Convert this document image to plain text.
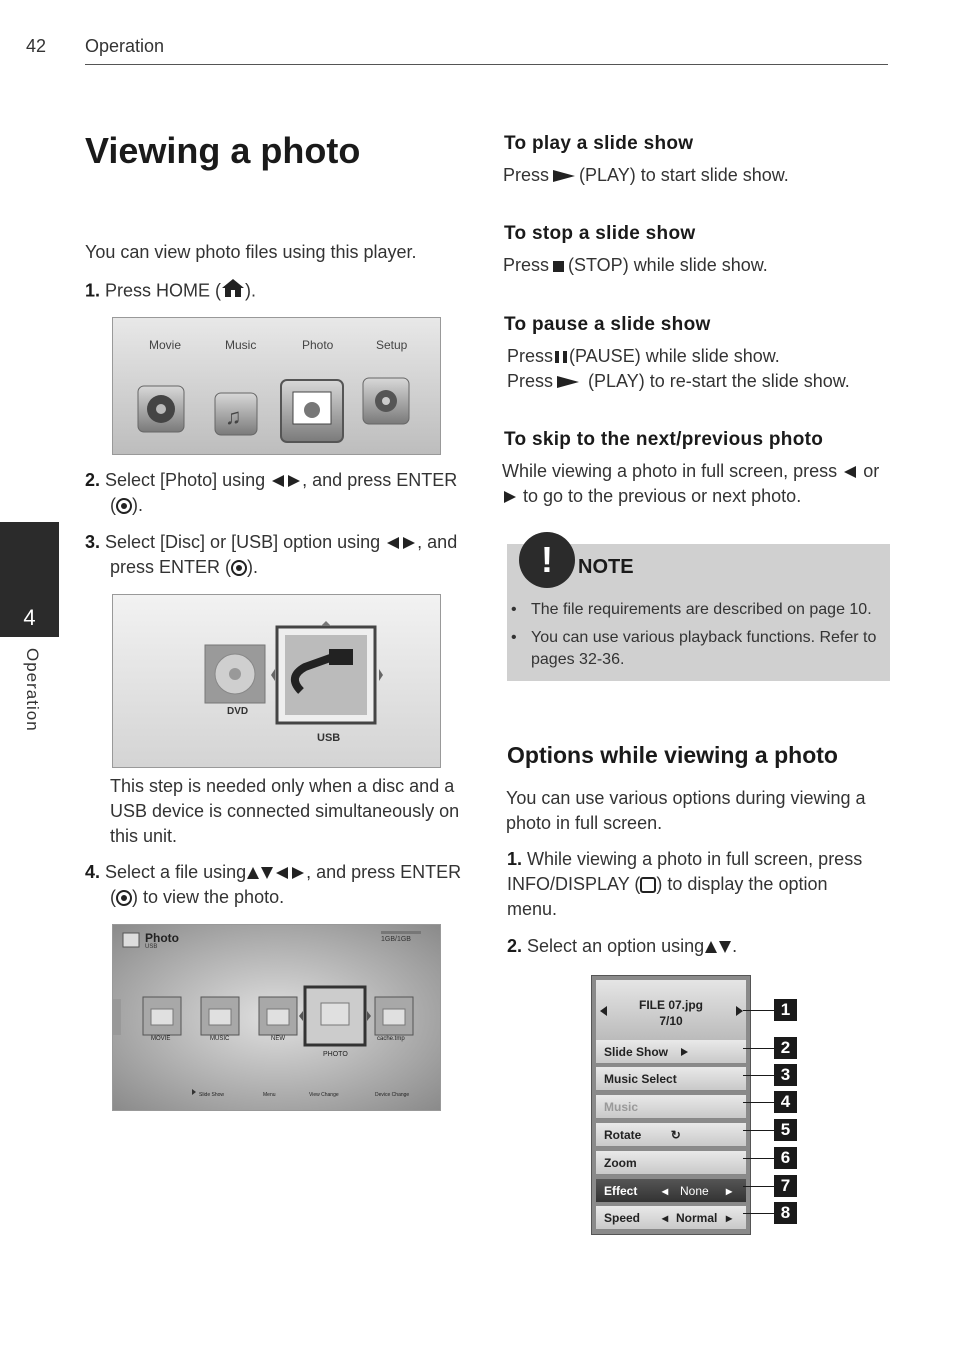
42 Operation
4
Operation
Viewing a photo
You can view photo files using this player.
1. Press HOME ( ).
♫
Movie	Music	Photo	Setup
2. Select [Photo] using , and press ENTER
( ).
3. Select [Disc] or [USB] option using , and
press ENTER ( ).
DVD
USB
This step is needed only when a disc and a USB device is connected simultaneously on this unit.
4. Select a file using	, and press ENTER
( ) to view the photo.
Photo
USB
1GB/1GB
MOVIE	MUSIC	NEW
PHOTO
cache.tmp
Slide Show	Menu	View Change	Device Change
To play a slide show
Press (PLAY) to start slide show.
To stop a slide show
Press (STOP) while slide show.
To pause a slide show
Press (PAUSE) while slide show.
Press (PLAY) to re-start the slide show.
To skip to the next/previous photo
While viewing a photo in full screen, press or
to go to the previous or next photo.
NOTE
• The file requirements are described on page 10.
• You can use various playback functions. Refer to pages 32-36.
!
Options while viewing a photo
You can use various options during viewing a photo in full screen.
1. While viewing a photo in full screen, press INFO/DISPLAY ( ) to display the option menu.
2. Select an option using .
FILE 07.jpg
7/10
Slide Show
Music Select
Music
Rotate ↻
Zoom
Effect ◂ None ▸
Speed ◂ Normal ▸
1
2
3
4
5
6
7
8
